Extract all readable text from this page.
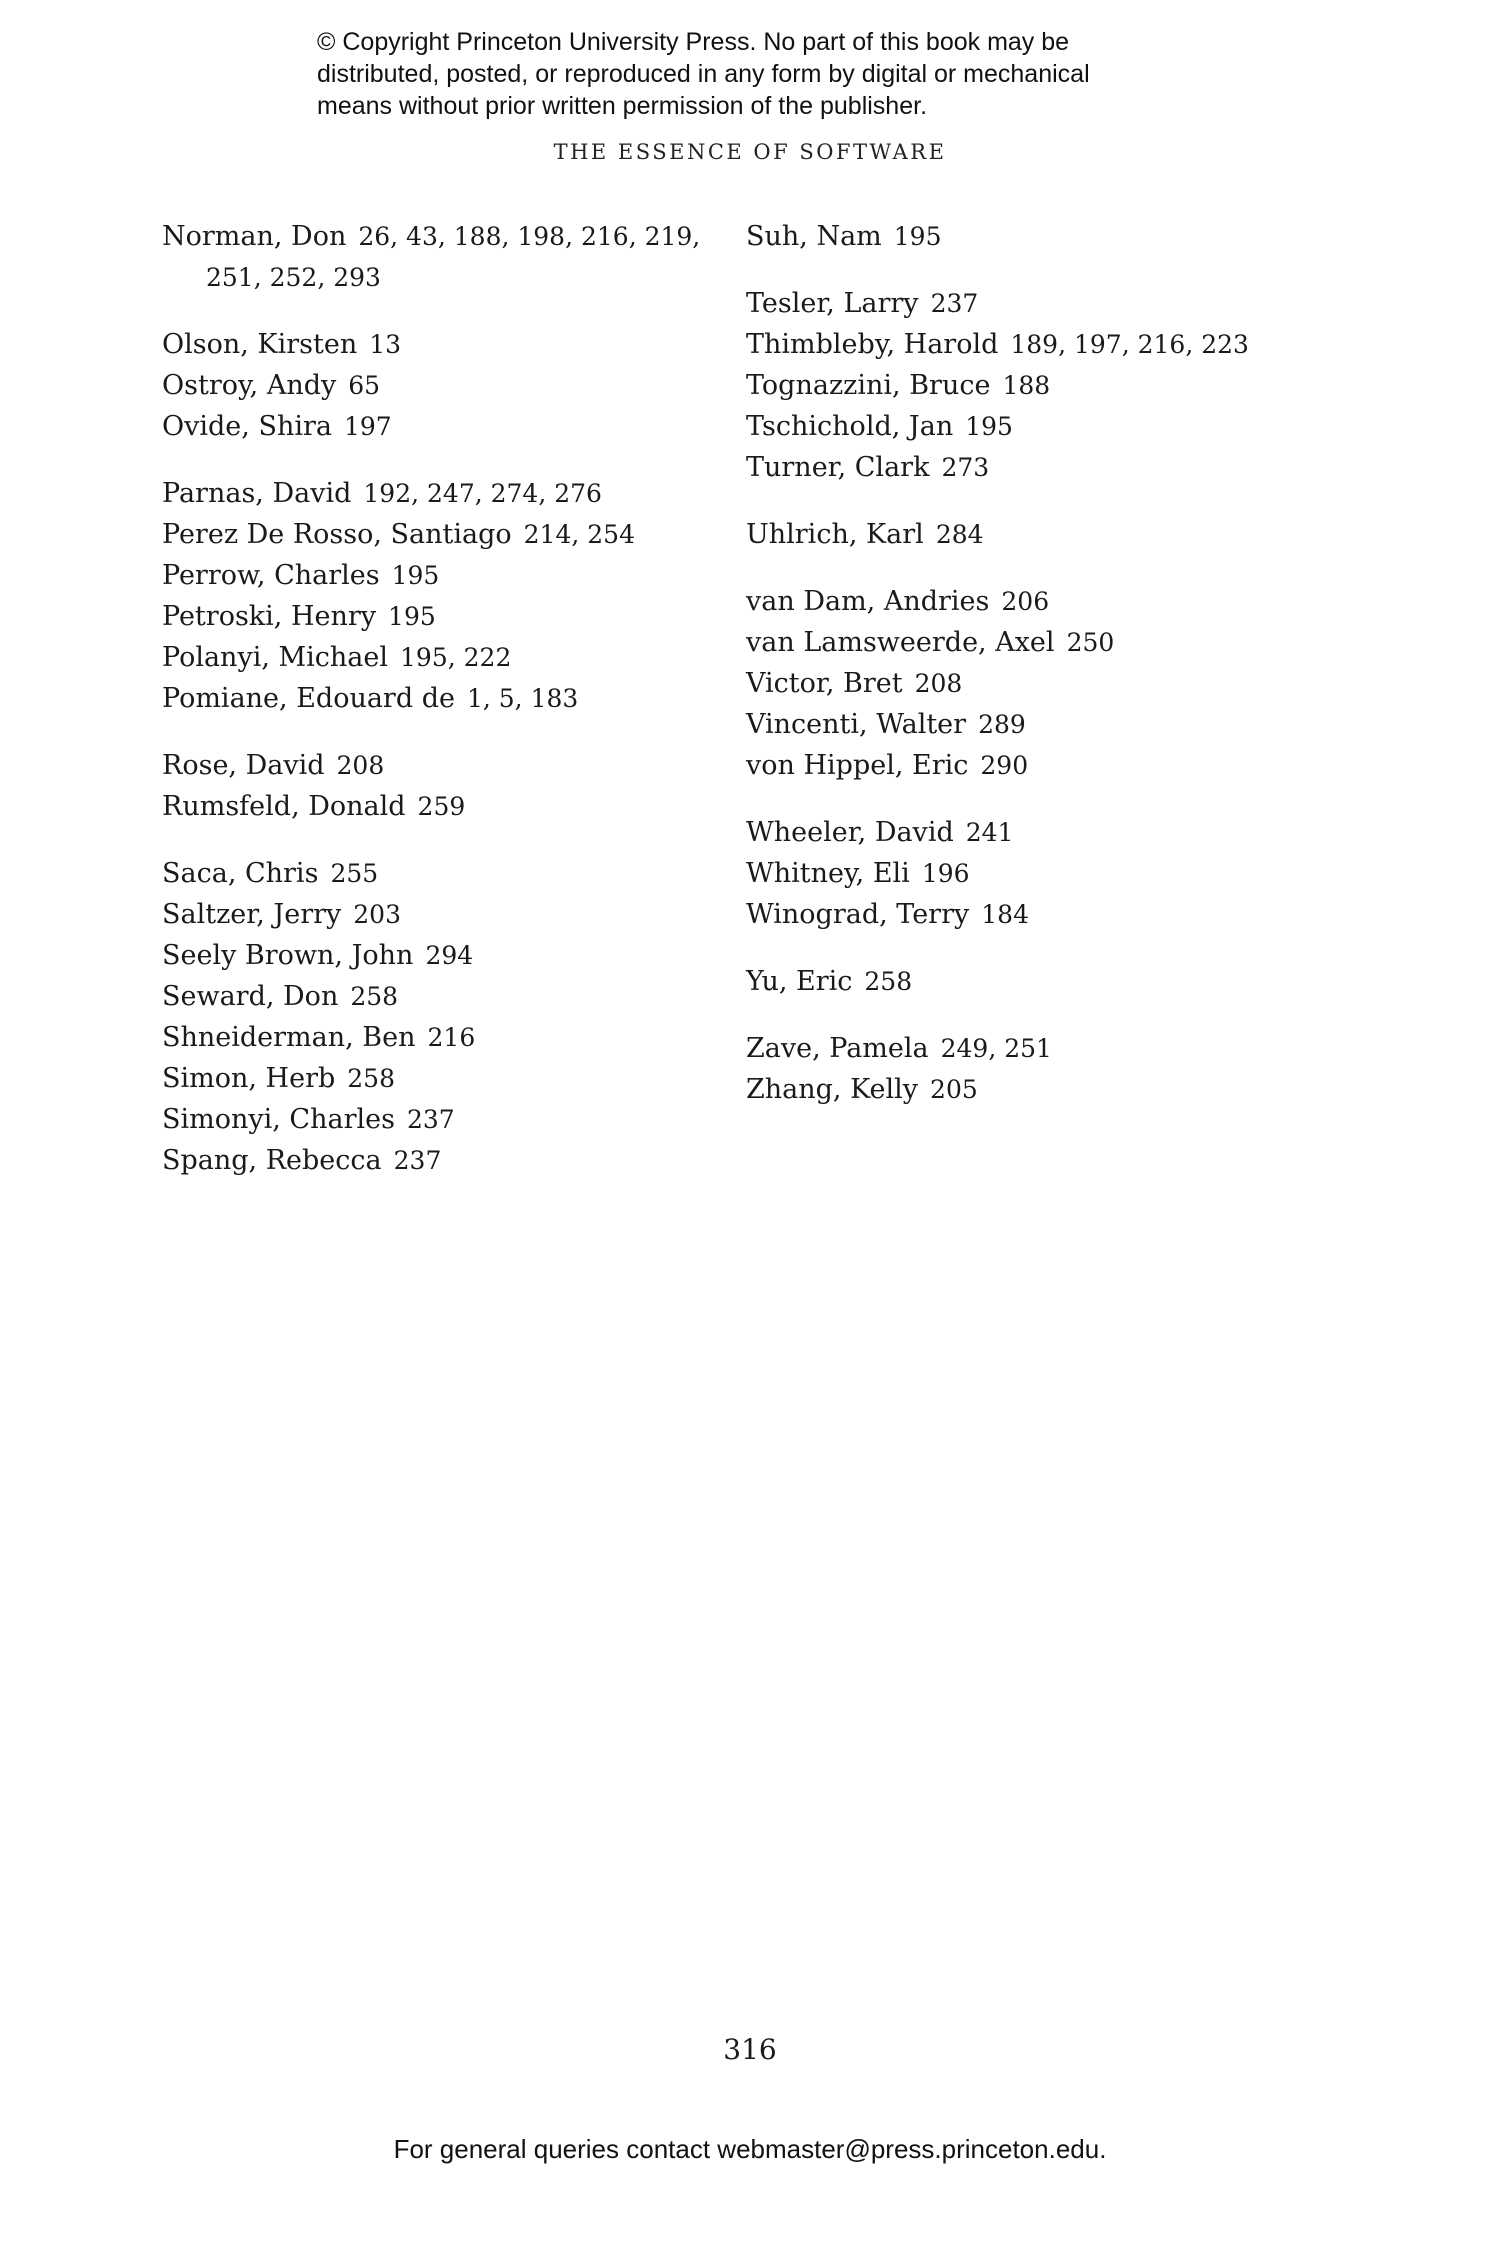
© Copyright Princeton University Press. No part of this book may be
distributed, posted, or reproduced in any form by digital or mechanical
means without prior written permission of the publisher.
THE ESSENCE OF SOFTWARE
Norman, Don 26, 43, 188, 198, 216, 219, 251, 252, 293
Olson, Kirsten 13
Ostroy, Andy 65
Ovide, Shira 197
Parnas, David 192, 247, 274, 276
Perez De Rosso, Santiago 214, 254
Perrow, Charles 195
Petroski, Henry 195
Polanyi, Michael 195, 222
Pomiane, Edouard de 1, 5, 183
Rose, David 208
Rumsfeld, Donald 259
Saca, Chris 255
Saltzer, Jerry 203
Seely Brown, John 294
Seward, Don 258
Shneiderman, Ben 216
Simon, Herb 258
Simonyi, Charles 237
Spang, Rebecca 237
Suh, Nam 195
Tesler, Larry 237
Thimbleby, Harold 189, 197, 216, 223
Tognazzini, Bruce 188
Tschichold, Jan 195
Turner, Clark 273
Uhlrich, Karl 284
van Dam, Andries 206
van Lamsweerde, Axel 250
Victor, Bret 208
Vincenti, Walter 289
von Hippel, Eric 290
Wheeler, David 241
Whitney, Eli 196
Winograd, Terry 184
Yu, Eric 258
Zave, Pamela 249, 251
Zhang, Kelly 205
316
For general queries contact webmaster@press.princeton.edu.
